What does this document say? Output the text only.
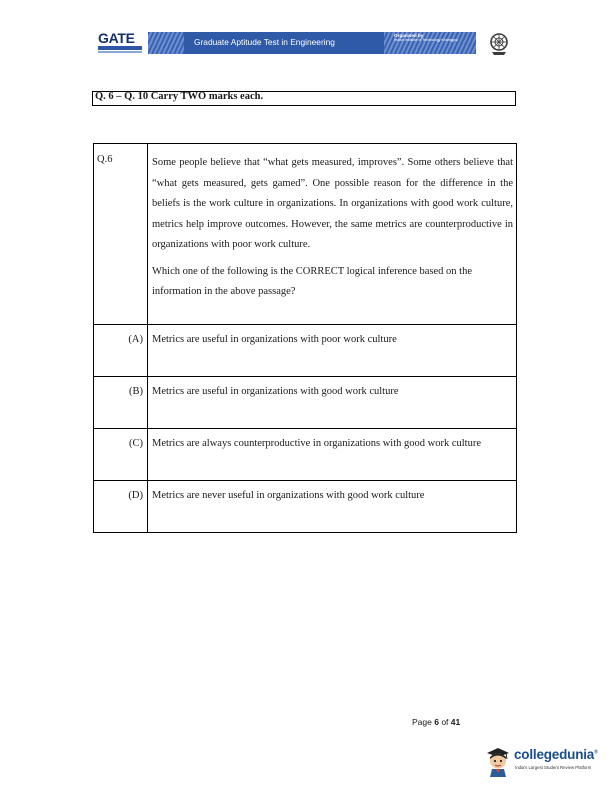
GATE	Graduate Aptitude Test in Engineering
Organised by
Indian Institute of Technology Kharagpur
Q. 6 – Q. 10 Carry TWO marks each.
Q.6	Some people believe that “what gets measured, improves”. Some others believe that “what gets measured, gets gamed”. One possible reason for the difference in the beliefs is the work culture in organizations. In organizations with good work culture, metrics help improve outcomes. However, the same metrics are counterproductive in organizations with poor work culture.

Which one of the following is the CORRECT logical inference based on the information in the above passage?

(A)	Metrics are useful in organizations with poor work culture
(B)	Metrics are useful in organizations with good work culture
(C)	Metrics are always counterproductive in organizations with good work culture
(D)	Metrics are never useful in organizations with good work culture
Page 6 of 41
collegedunia®
India's Largest Student Review Platform
